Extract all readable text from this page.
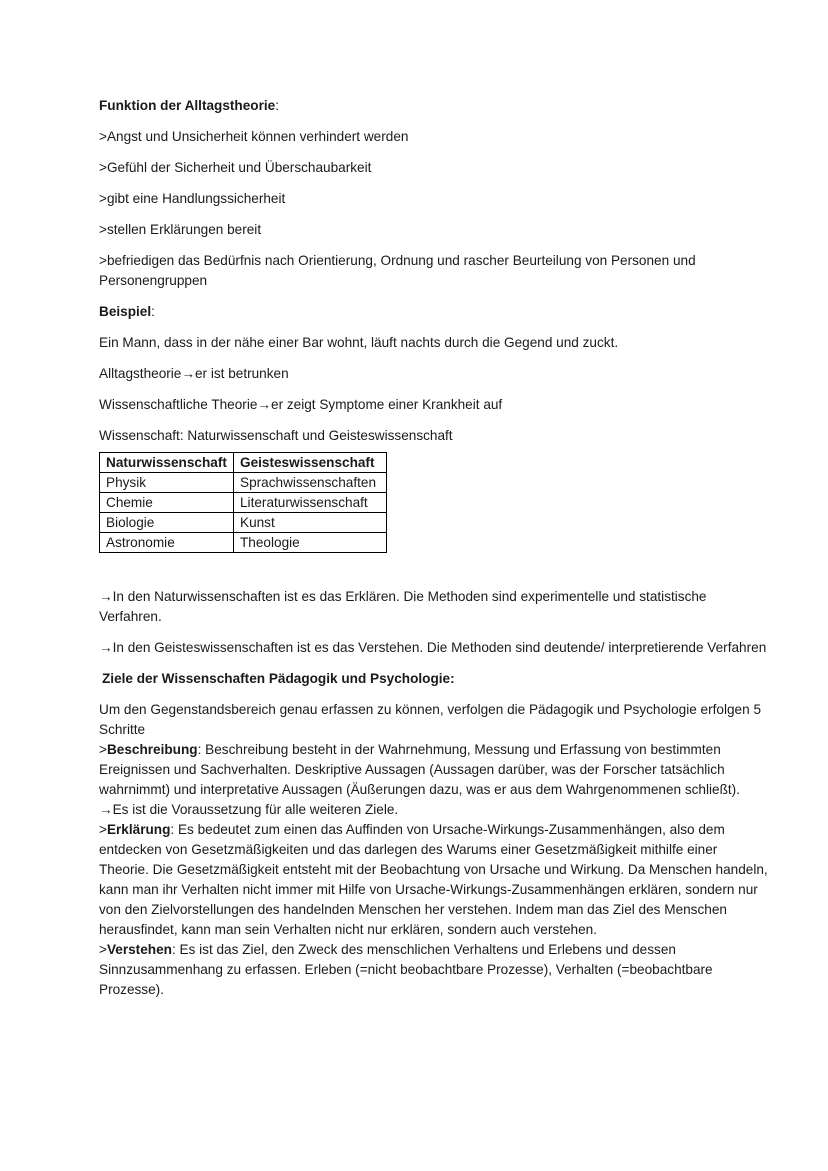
Funktion der Alltagstheorie:

>Angst und Unsicherheit können verhindert werden

>Gefühl der Sicherheit und Überschaubarkeit

>gibt eine Handlungssicherheit

>stellen Erklärungen bereit

>befriedigen das Bedürfnis nach Orientierung, Ordnung und rascher Beurteilung von Personen und Personengruppen

Beispiel:

Ein Mann, dass in der nähe einer Bar wohnt, läuft nachts durch die Gegend und zuckt.

Alltagstheorie→er ist betrunken

Wissenschaftliche Theorie→er zeigt Symptome einer Krankheit auf

Wissenschaft: Naturwissenschaft und Geisteswissenschaft

Naturwissenschaft	Geisteswissenschaft
Physik	Sprachwissenschaften
Chemie	Literaturwissenschaft
Biologie	Kunst
Astronomie	Theologie

→In den Naturwissenschaften ist es das Erklären. Die Methoden sind experimentelle und statistische Verfahren.

→In den Geisteswissenschaften ist es das Verstehen. Die Methoden sind deutende/ interpretierende Verfahren

Ziele der Wissenschaften Pädagogik und Psychologie:

Um den Gegenstandsbereich genau erfassen zu können, verfolgen die Pädagogik und Psychologie erfolgen 5 Schritte

>Beschreibung: Beschreibung besteht in der Wahrnehmung, Messung und Erfassung von bestimmten Ereignissen und Sachverhalten. Deskriptive Aussagen (Aussagen darüber, was der Forscher tatsächlich wahrnimmt) und interpretative Aussagen (Äußerungen dazu, was er aus dem Wahrgenommenen schließt).

→Es ist die Voraussetzung für alle weiteren Ziele.

>Erklärung: Es bedeutet zum einen das Auffinden von Ursache-Wirkungs-Zusammenhängen, also dem entdecken von Gesetzmäßigkeiten und das darlegen des Warums einer Gesetzmäßigkeit mithilfe einer Theorie. Die Gesetzmäßigkeit entsteht mit der Beobachtung von Ursache und Wirkung. Da Menschen handeln, kann man ihr Verhalten nicht immer mit Hilfe von Ursache-Wirkungs-Zusammenhängen erklären, sondern nur von den Zielvorstellungen des handelnden Menschen her verstehen. Indem man das Ziel des Menschen herausfindet, kann man sein Verhalten nicht nur erklären, sondern auch verstehen.

>Verstehen: Es ist das Ziel, den Zweck des menschlichen Verhaltens und Erlebens und dessen Sinnzusammenhang zu erfassen. Erleben (=nicht beobachtbare Prozesse), Verhalten (=beobachtbare Prozesse).
